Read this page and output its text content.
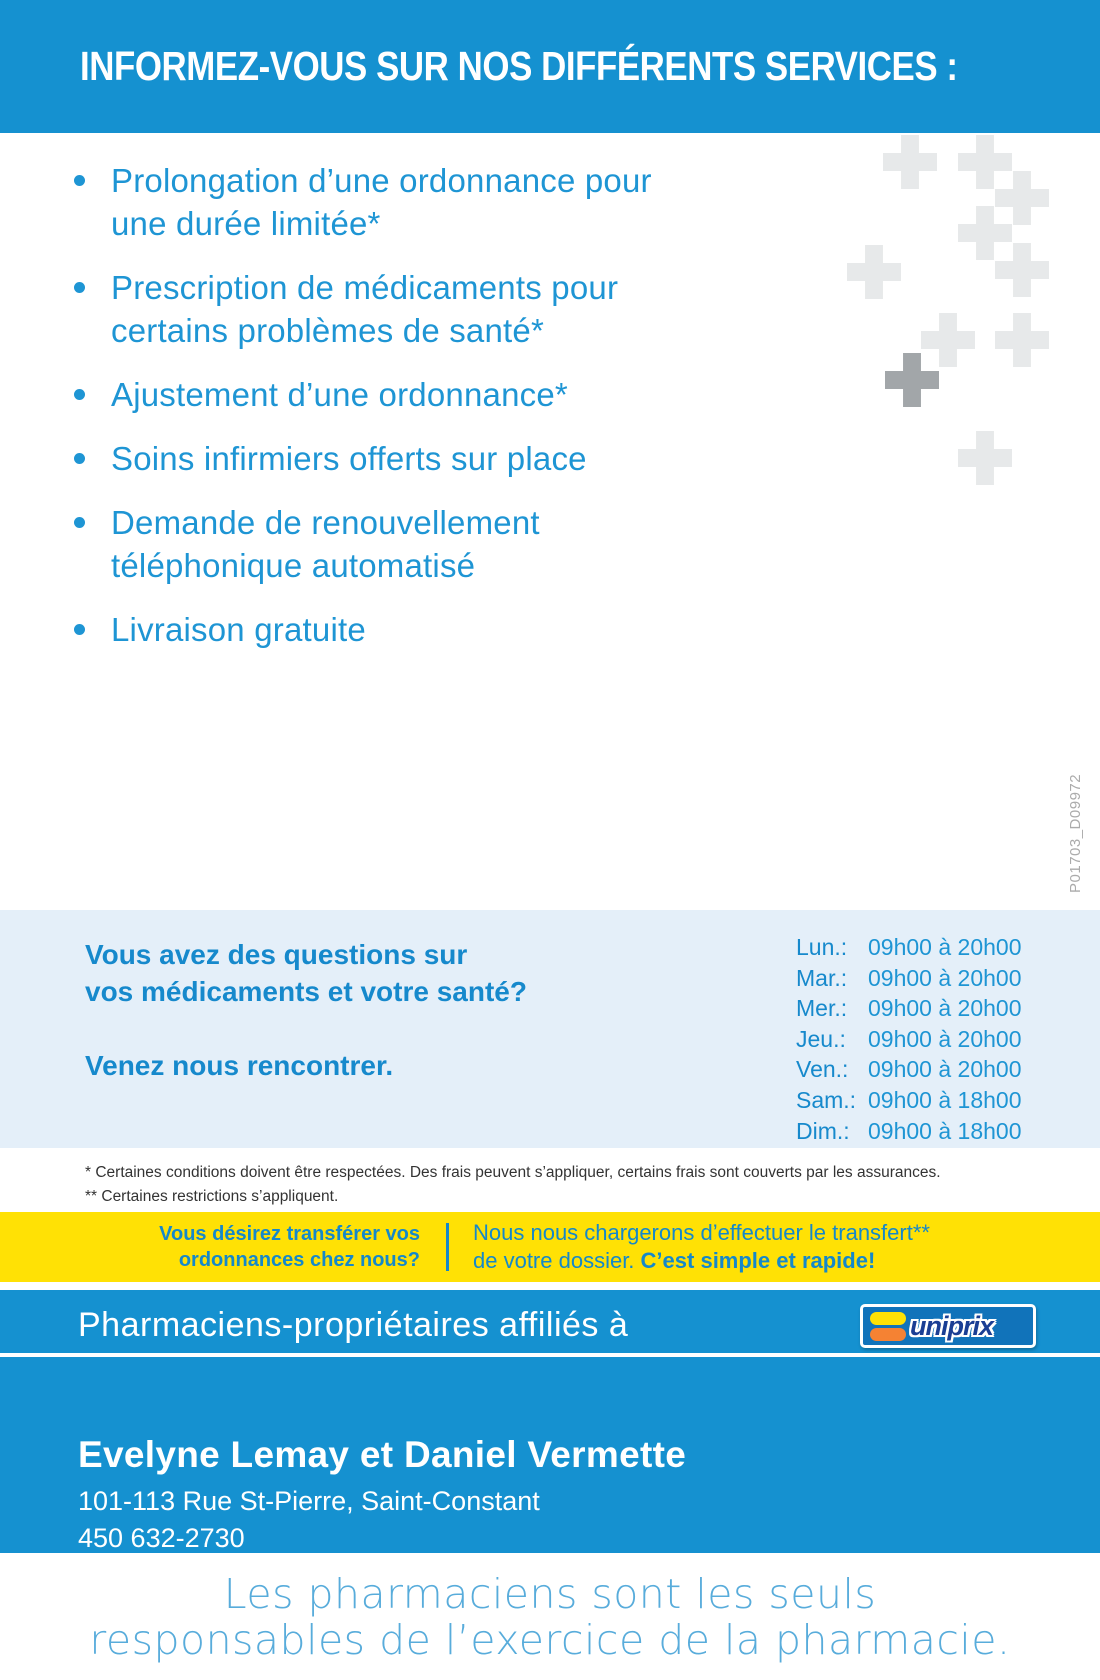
INFORMEZ-VOUS SUR NOS DIFFÉRENTS SERVICES :
Prolongation d’une ordonnance pour
une durée limitée*
Prescription de médicaments pour
certains problèmes de santé*
Ajustement d’une ordonnance*
Soins infirmiers offerts sur place
Demande de renouvellement
téléphonique automatisé
Livraison gratuite
P01703_D09972
Vous avez des questions sur
vos médicaments et votre santé?
Venez nous rencontrer.
Lun.: 09h00 à 20h00
Mar.: 09h00 à 20h00
Mer.: 09h00 à 20h00
Jeu.: 09h00 à 20h00
Ven.: 09h00 à 20h00
Sam.: 09h00 à 18h00
Dim.: 09h00 à 18h00
* Certaines conditions doivent être respectées. Des frais peuvent s’appliquer, certains frais sont couverts par les assurances.
** Certaines restrictions s’appliquent.
Vous désirez transférer vos
ordonnances chez nous?
Nous nous chargerons d’effectuer le transfert**
de votre dossier. C’est simple et rapide!
Pharmaciens-propriétaires affiliés à	uniprix
Evelyne Lemay et Daniel Vermette
101-113 Rue St-Pierre, Saint-Constant
450 632-2730
Les pharmaciens sont les seuls
responsables de l’exercice de la pharmacie.
